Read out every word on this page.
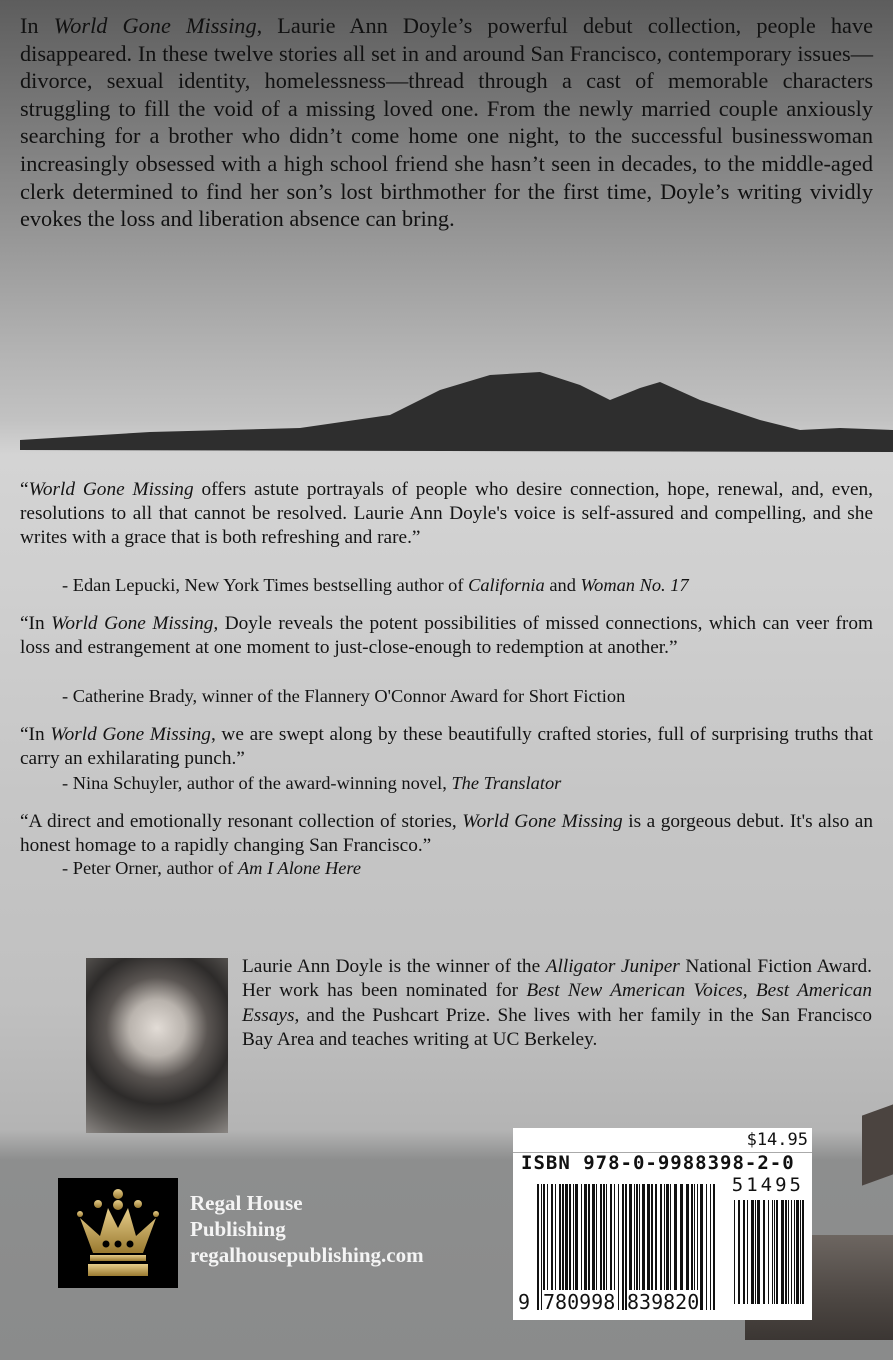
In World Gone Missing, Laurie Ann Doyle’s powerful debut collection, people have disappeared. In these twelve stories all set in and around San Francisco, contemporary issues—divorce, sexual identity, homelessness—thread through a cast of memorable characters struggling to fill the void of a missing loved one. From the newly married couple anxiously searching for a brother who didn’t come home one night, to the successful businesswoman increasingly obsessed with a high school friend she hasn’t seen in decades, to the middle-aged clerk determined to find her son’s lost birthmother for the first time, Doyle’s writing vividly evokes the loss and liberation absence can bring.
“World Gone Missing offers astute portrayals of people who desire connection, hope, renewal, and, even, resolutions to all that cannot be resolved. Laurie Ann Doyle's voice is self-assured and compelling, and she writes with a grace that is both refreshing and rare.”
- Edan Lepucki, New York Times bestselling author of California and Woman No. 17
“In World Gone Missing, Doyle reveals the potent possibilities of missed connections, which can veer from loss and estrangement at one moment to just-close-enough to redemption at another.”
- Catherine Brady, winner of the Flannery O'Connor Award for Short Fiction
“In World Gone Missing, we are swept along by these beautifully crafted stories, full of surprising truths that carry an exhilarating punch.”
- Nina Schuyler, author of the award-winning novel, The Translator
“A direct and emotionally resonant collection of stories, World Gone Missing is a gorgeous debut. It's also an honest homage to a rapidly changing San Francisco.”
- Peter Orner, author of Am I Alone Here
Laurie Ann Doyle is the winner of the Alligator Juniper National Fiction Award. Her work has been nominated for Best New American Voices, Best American Essays, and the Pushcart Prize. She lives with her family in the San Francisco Bay Area and teaches writing at UC Berkeley.
$14.95
ISBN 978-0-9988398-2-0
51495
9 780998 839820
Regal House
Publishing
regalhousepublishing.com
